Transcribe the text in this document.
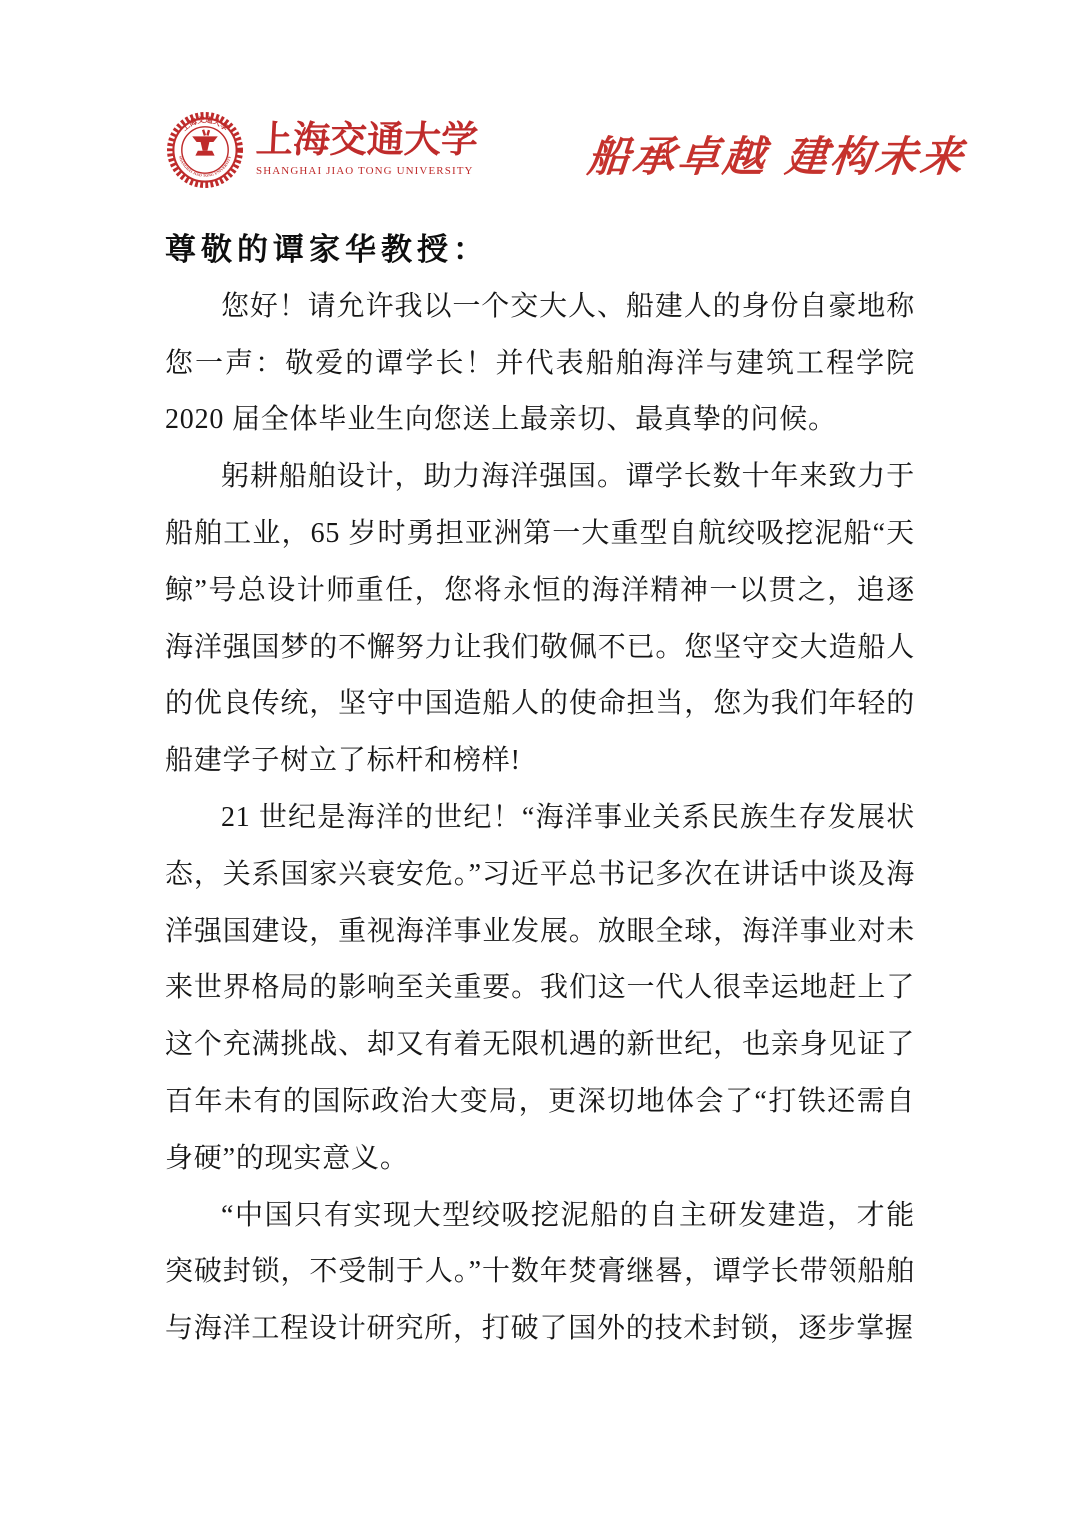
上海交通大學
SHANGHAI JIAO TONG UNIVERSITY 上海交通大学
SHANGHAI JIAO TONG UNIVERSITY	船承卓越 建构未来
尊敬的谭家华教授：

您好！请允许我以一个交大人、船建人的身份自豪地称您一声：敬爱的谭学长！并代表船舶海洋与建筑工程学院 2020 届全体毕业生向您送上最亲切、最真挚的问候。

躬耕船舶设计，助力海洋强国。谭学长数十年来致力于船舶工业，65 岁时勇担亚洲第一大重型自航绞吸挖泥船“天鲸”号总设计师重任，您将永恒的海洋精神一以贯之，追逐海洋强国梦的不懈努力让我们敬佩不已。您坚守交大造船人的优良传统，坚守中国造船人的使命担当，您为我们年轻的船建学子树立了标杆和榜样!

21 世纪是海洋的世纪！“海洋事业关系民族生存发展状态，关系国家兴衰安危。”习近平总书记多次在讲话中谈及海洋强国建设，重视海洋事业发展。放眼全球，海洋事业对未来世界格局的影响至关重要。我们这一代人很幸运地赶上了这个充满挑战、却又有着无限机遇的新世纪，也亲身见证了百年未有的国际政治大变局，更深切地体会了“打铁还需自身硬”的现实意义。

“中国只有实现大型绞吸挖泥船的自主研发建造，才能突破封锁，不受制于人。”十数年焚膏继晷，谭学长带领船舶与海洋工程设计研究所，打破了国外的技术封锁，逐步掌握
